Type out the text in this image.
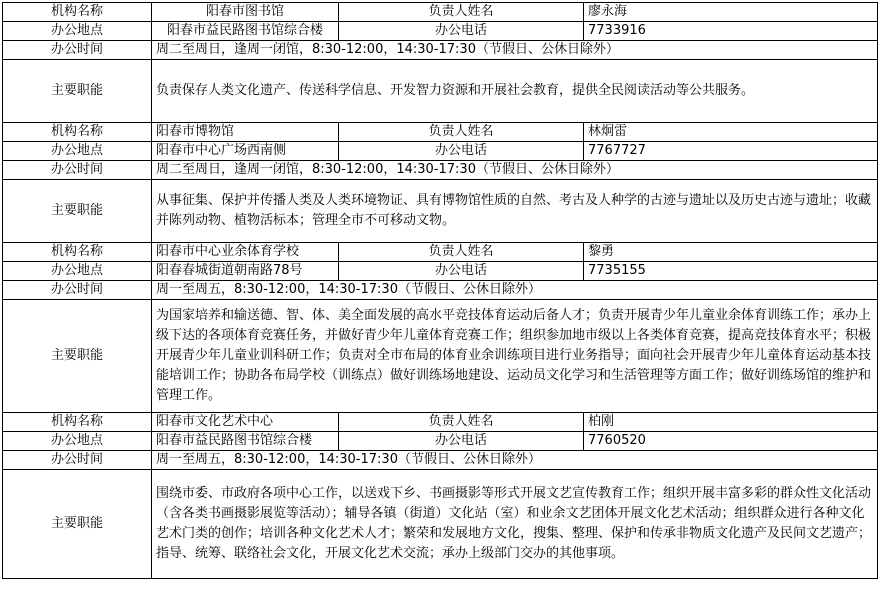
机构名称	阳春市图书馆	负责人姓名	廖永海
办公地点	阳春市益民路图书馆综合楼	办公电话	7733916
办公时间	周二至周日，逢周一闭馆，8:30-12:00，14:30-17:30（节假日、公休日除外）		
主要职能	负责保存人类文化遗产、传送科学信息、开发智力资源和开展社会教育，提供全民阅读活动等公共服务。		
机构名称	阳春市博物馆	负责人姓名	林炯雷
办公地点	阳春市中心广场西南侧	办公电话	7767727
办公时间	周二至周日，逢周一闭馆，8:30-12:00，14:30-17:30（节假日、公休日除外）		
主要职能	从事征集、保护并传播人类及人类环境物证、具有博物馆性质的自然、考古及人种学的古迹与遗址以及历史古迹与遗址；收藏并陈列动物、植物活标本；管理全市不可移动文物。		
机构名称	阳春市中心业余体育学校	负责人姓名	黎勇
办公地点	阳春春城街道朝南路78号	办公电话	7735155
办公时间	周一至周五，8:30-12:00，14:30-17:30（节假日、公休日除外）		
主要职能	为国家培养和输送德、智、体、美全面发展的高水平竞技体育运动后备人才；负责开展青少年儿童业余体育训练工作；承办上级下达的各项体育竞赛任务，并做好青少年儿童体育竞赛工作；组织参加地市级以上各类体育竞赛，提高竞技体育水平；积极开展青少年儿童业训科研工作；负责对全市布局的体育业余训练项目进行业务指导；面向社会开展青少年儿童体育运动基本技能培训工作；协助各布局学校（训练点）做好训练场地建设、运动员文化学习和生活管理等方面工作；做好训练场馆的维护和管理工作。		
机构名称	阳春市文化艺术中心	负责人姓名	柏刚
办公地点	阳春市益民路图书馆综合楼	办公电话	7760520
办公时间	周一至周五，8:30-12:00，14:30-17:30（节假日、公休日除外）		
主要职能	围绕市委、市政府各项中心工作，以送戏下乡、书画摄影等形式开展文艺宣传教育工作；组织开展丰富多彩的群众性文化活动（含各类书画摄影展览等活动）；辅导各镇（街道）文化站（室）和业余文艺团体开展文化艺术活动；组织群众进行各种文化艺术门类的创作；培训各种文化艺术人才；繁荣和发展地方文化，搜集、整理、保护和传承非物质文化遗产及民间文艺遗产；指导、统筹、联络社会文化，开展文化艺术交流；承办上级部门交办的其他事项。		
